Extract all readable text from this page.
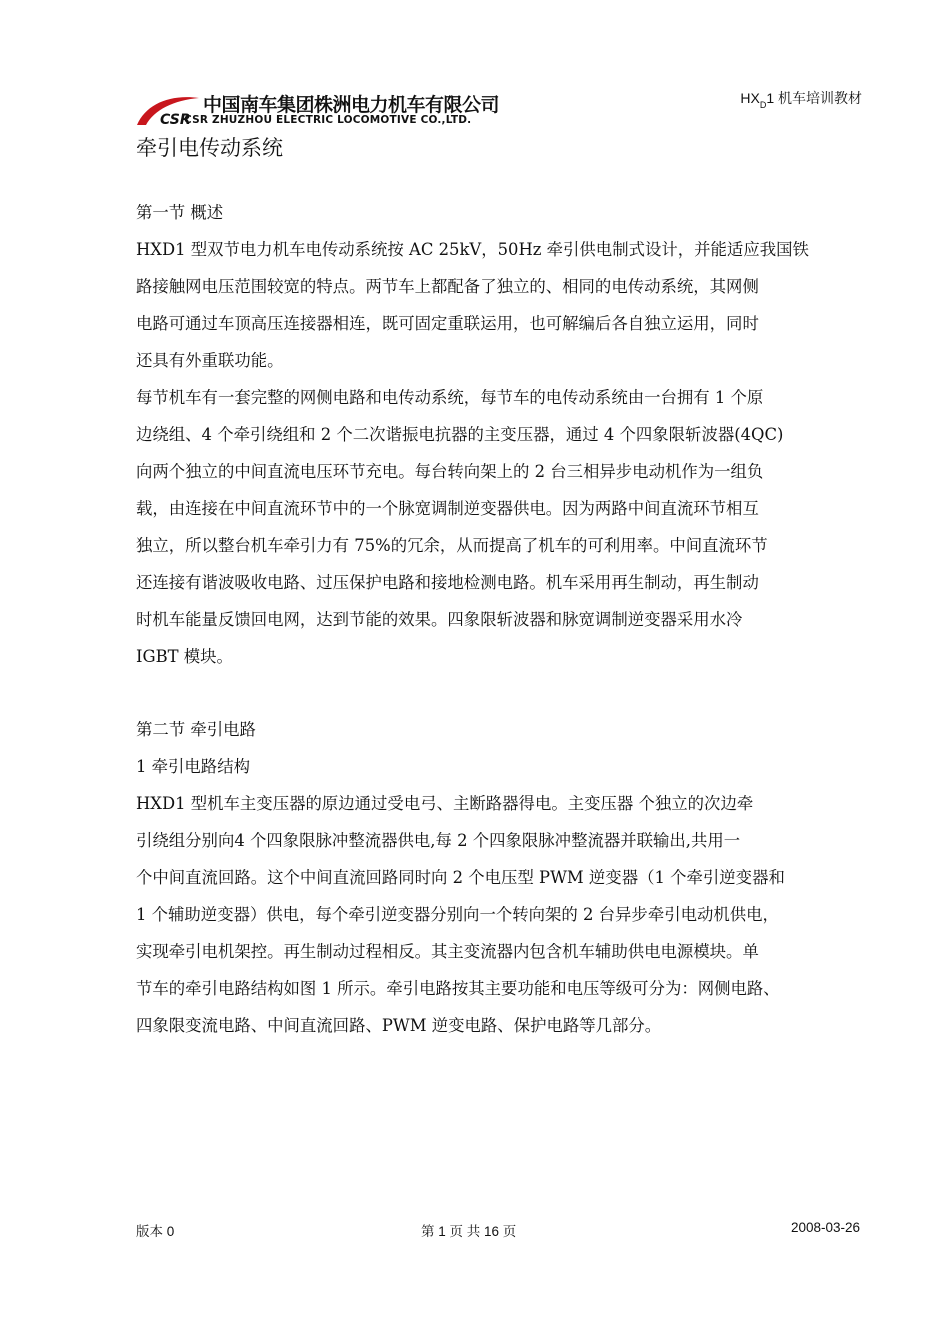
CSR
中国南车集团株洲电力机车有限公司
CSR ZHUZHOU ELECTRIC LOCOMOTIVE CO.,LTD.
$HX_D1$ 机车培训教材
牵引电传动系统

第一节 概述

HXD1 型双节电力机车电传动系统按 AC 25kV，50Hz 牵引供电制式设计，并能适应我国铁

路接触网电压范围较宽的特点。两节车上都配备了独立的、相同的电传动系统，其网侧

电路可通过车顶高压连接器相连，既可固定重联运用，也可解编后各自独立运用，同时

还具有外重联功能。

每节机车有一套完整的网侧电路和电传动系统，每节车的电传动系统由一台拥有 1 个原

边绕组、4 个牵引绕组和 2 个二次谐振电抗器的主变压器，通过 4 个四象限斩波器(4QC)

向两个独立的中间直流电压环节充电。每台转向架上的 2 台三相异步电动机作为一组负

载，由连接在中间直流环节中的一个脉宽调制逆变器供电。因为两路中间直流环节相互

独立，所以整台机车牵引力有 75%的冗余，从而提高了机车的可利用率。中间直流环节

还连接有谐波吸收电路、过压保护电路和接地检测电路。机车采用再生制动，再生制动

时机车能量反馈回电网，达到节能的效果。四象限斩波器和脉宽调制逆变器采用水冷

IGBT 模块。

第二节 牵引电路

1 牵引电路结构

HXD1 型机车主变压器的原边通过受电弓、主断路器得电。主变压器 个独立的次边牵

引绕组分别向4 个四象限脉冲整流器供电,每 2 个四象限脉冲整流器并联输出,共用一

个中间直流回路。这个中间直流回路同时向 2 个电压型 PWM 逆变器（1 个牵引逆变器和

1 个辅助逆变器）供电，每个牵引逆变器分别向一个转向架的 2 台异步牵引电动机供电，

实现牵引电机架控。再生制动过程相反。其主变流器内包含机车辅助供电电源模块。单

节车的牵引电路结构如图 1 所示。牵引电路按其主要功能和电压等级可分为：网侧电路、

四象限变流电路、中间直流回路、PWM 逆变电路、保护电路等几部分。

版本 0	第 1 页 共 16 页	2008-03-26
